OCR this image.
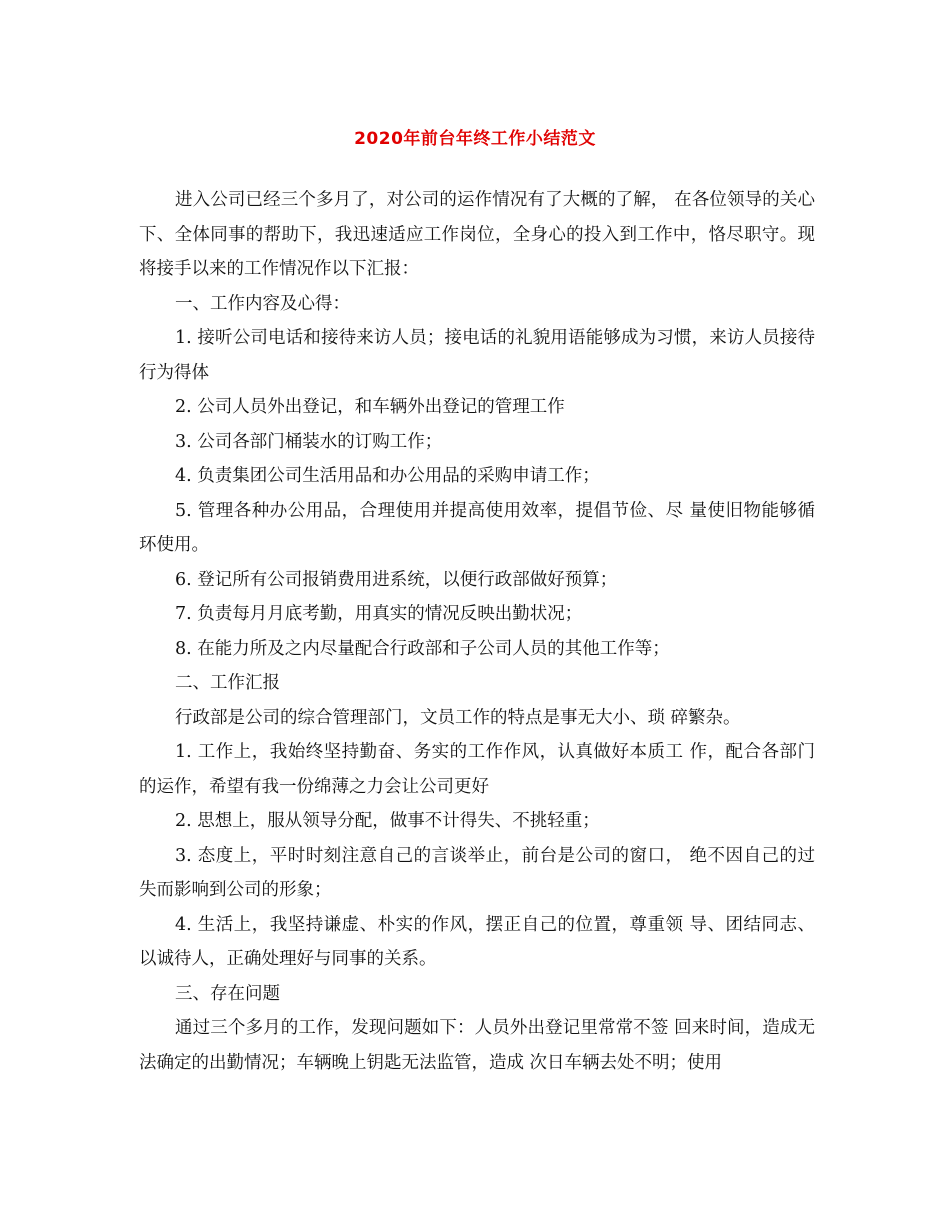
2020年前台年终工作小结范文

进入公司已经三个多月了，对公司的运作情况有了大概的了解， 在各位领导的关心下、全体同事的帮助下，我迅速适应工作岗位，全身心的投入到工作中，恪尽职守。现将接手以来的工作情况作以下汇报：

一、工作内容及心得：

1. 接听公司电话和接待来访人员；接电话的礼貌用语能够成为习惯，来访人员接待行为得体

2. 公司人员外出登记，和车辆外出登记的管理工作

3. 公司各部门桶装水的订购工作；

4. 负责集团公司生活用品和办公用品的采购申请工作；

5. 管理各种办公用品，合理使用并提高使用效率，提倡节俭、尽 量使旧物能够循环使用。

6. 登记所有公司报销费用进系统，以便行政部做好预算；

7. 负责每月月底考勤，用真实的情况反映出勤状况；

8. 在能力所及之内尽量配合行政部和子公司人员的其他工作等；

二、工作汇报

行政部是公司的综合管理部门，文员工作的特点是事无大小、琐 碎繁杂。

1. 工作上，我始终坚持勤奋、务实的工作作风，认真做好本质工 作，配合各部门的运作，希望有我一份绵薄之力会让公司更好

2. 思想上，服从领导分配，做事不计得失、不挑轻重；

3. 态度上，平时时刻注意自己的言谈举止，前台是公司的窗口， 绝不因自己的过失而影响到公司的形象；

4. 生活上，我坚持谦虚、朴实的作风，摆正自己的位置，尊重领 导、团结同志、以诚待人，正确处理好与同事的关系。

三、存在问题

通过三个多月的工作，发现问题如下：人员外出登记里常常不签 回来时间，造成无法确定的出勤情况；车辆晚上钥匙无法监管，造成 次日车辆去处不明；使用
